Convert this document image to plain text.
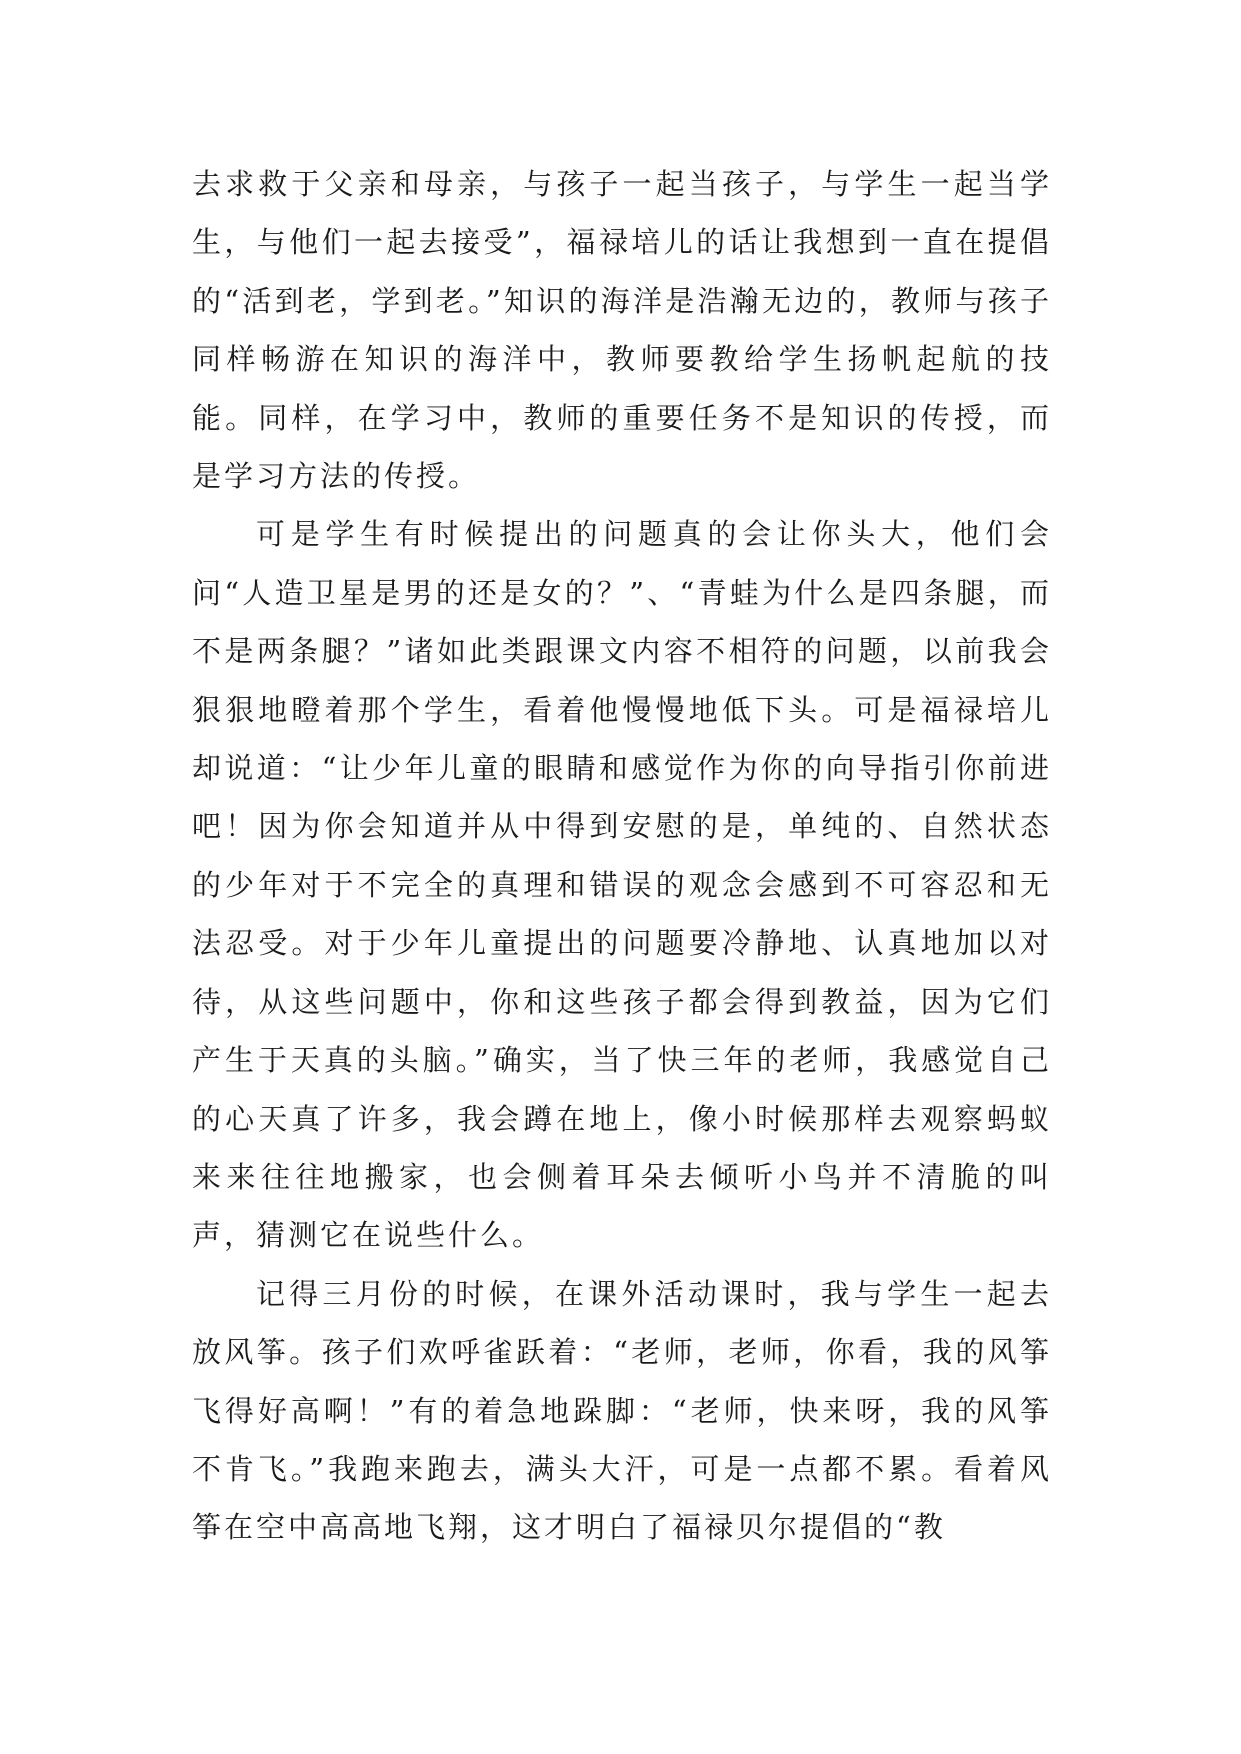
去求救于父亲和母亲，与孩子一起当孩子，与学生一起当学生，与他们一起去接受”，福禄培儿的话让我想到一直在提倡的“活到老，学到老。”知识的海洋是浩瀚无边的，教师与孩子同样畅游在知识的海洋中，教师要教给学生扬帆起航的技能。同样，在学习中，教师的重要任务不是知识的传授，而是学习方法的传授。

可是学生有时候提出的问题真的会让你头大，他们会问“人造卫星是男的还是女的？”、“青蛙为什么是四条腿，而不是两条腿？”诸如此类跟课文内容不相符的问题，以前我会狠狠地瞪着那个学生，看着他慢慢地低下头。可是福禄培儿却说道：“让少年儿童的眼睛和感觉作为你的向导指引你前进吧！因为你会知道并从中得到安慰的是，单纯的、自然状态的少年对于不完全的真理和错误的观念会感到不可容忍和无法忍受。对于少年儿童提出的问题要冷静地、认真地加以对待，从这些问题中，你和这些孩子都会得到教益，因为它们产生于天真的头脑。”确实，当了快三年的老师，我感觉自己的心天真了许多，我会蹲在地上，像小时候那样去观察蚂蚁来来往往地搬家，也会侧着耳朵去倾听小鸟并不清脆的叫声，猜测它在说些什么。

记得三月份的时候，在课外活动课时，我与学生一起去放风筝。孩子们欢呼雀跃着：“老师，老师，你看，我的风筝飞得好高啊！”有的着急地跺脚：“老师，快来呀，我的风筝不肯飞。”我跑来跑去，满头大汗，可是一点都不累。看着风筝在空中高高地飞翔，这才明白了福禄贝尔提倡的“教
